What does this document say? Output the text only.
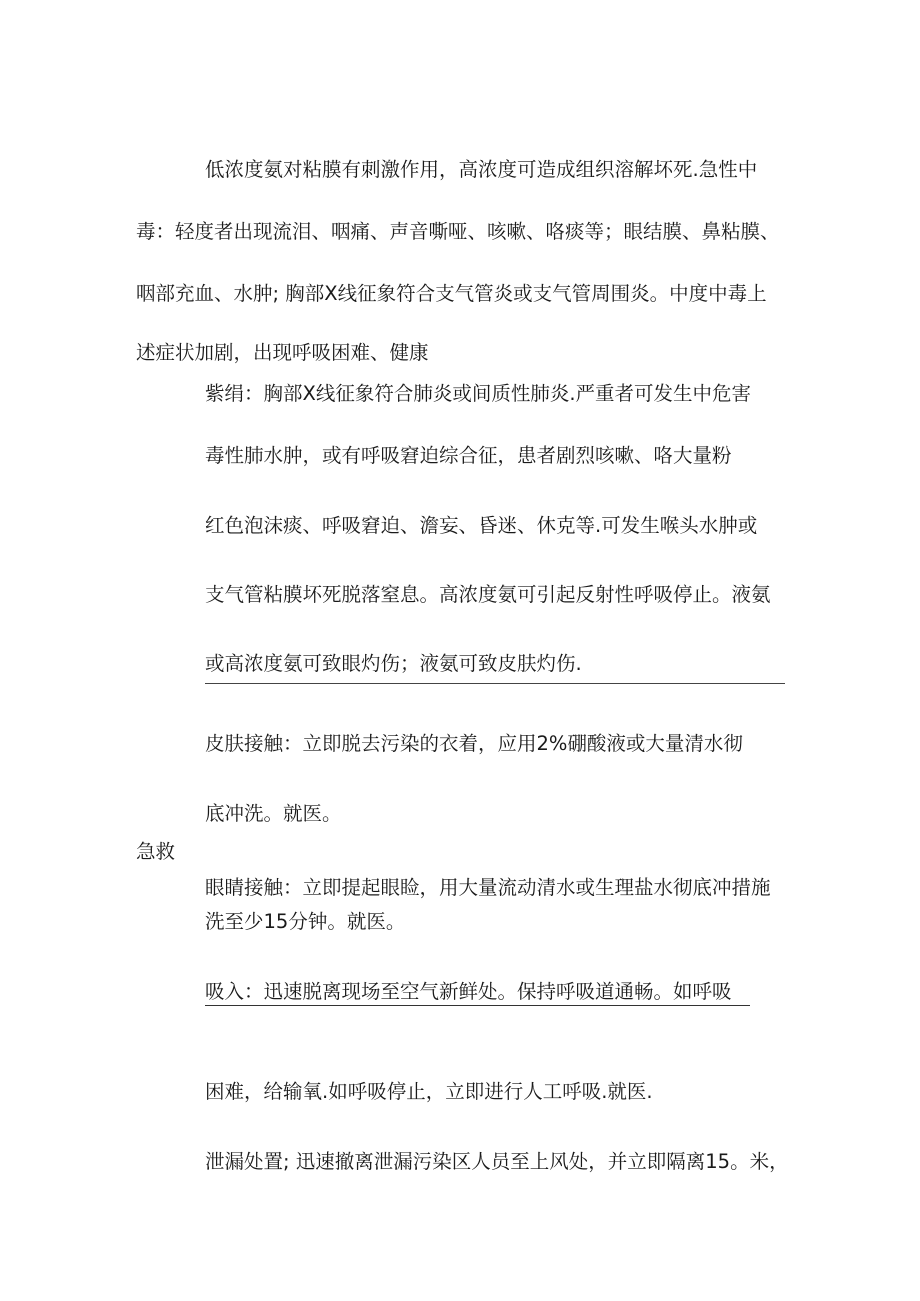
低浓度氨对粘膜有刺激作用，高浓度可造成组织溶解坏死.急性中
毒：轻度者出现流泪、咽痛、声音嘶哑、咳嗽、咯痰等；眼结膜、鼻粘膜、
咽部充血、水肿; 胸部X线征象符合支气管炎或支气管周围炎。中度中毒上
述症状加剧，出现呼吸困难、健康
紫绢：胸部X线征象符合肺炎或间质性肺炎.严重者可发生中危害
毒性肺水肿，或有呼吸窘迫综合征，患者剧烈咳嗽、咯大量粉
红色泡沫痰、呼吸窘迫、澹妄、昏迷、休克等.可发生喉头水肿或
支气管粘膜坏死脱落窒息。高浓度氨可引起反射性呼吸停止。液氨
或高浓度氨可致眼灼伤；液氨可致皮肤灼伤.
皮肤接触：立即脱去污染的衣着，应用2%硼酸液或大量清水彻
底冲洗。就医。
急救
眼睛接触：立即提起眼睑，用大量流动清水或生理盐水彻底冲措施
洗至少15分钟。就医。
吸入：迅速脱离现场至空气新鲜处。保持呼吸道通畅。如呼吸
困难，给输氧.如呼吸停止，立即进行人工呼吸.就医.
泄漏处置; 迅速撤离泄漏污染区人员至上风处，并立即隔离15。米，
